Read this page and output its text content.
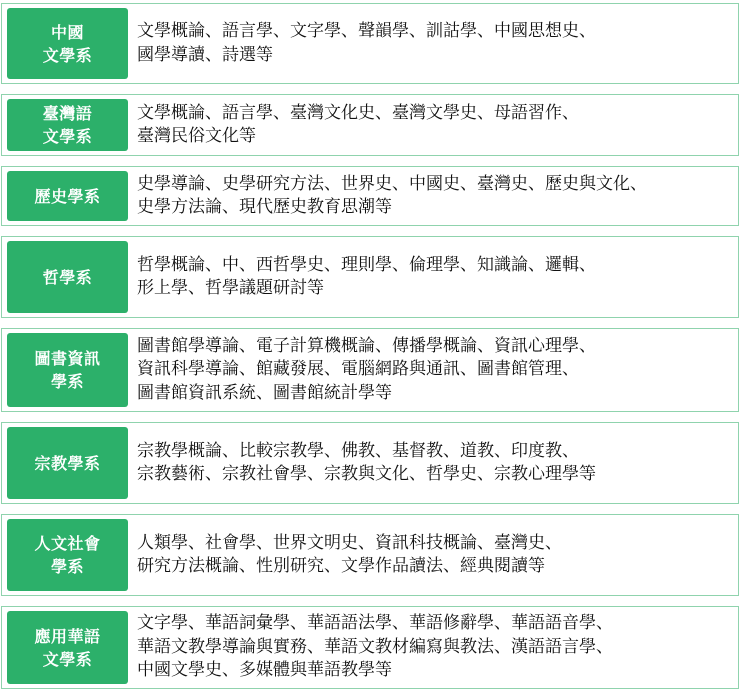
中國
文學系
文學概論、語言學、文字學、聲韻學、訓詁學、中國思想史、
國學導讀、詩選等
臺灣語
文學系
文學概論、語言學、臺灣文化史、臺灣文學史、母語習作、
臺灣民俗文化等
歷史學系
史學導論、史學研究方法、世界史、中國史、臺灣史、歷史與文化、
史學方法論、現代歷史教育思潮等
哲學系
哲學概論、中、西哲學史、理則學、倫理學、知識論、邏輯、
形上學、哲學議題研討等
圖書資訊
學系
圖書館學導論、電子計算機概論、傳播學概論、資訊心理學、
資訊科學導論、館藏發展、電腦網路與通訊、圖書館管理、
圖書館資訊系統、圖書館統計學等
宗教學系
宗教學概論、比較宗教學、佛教、基督教、道教、印度教、
宗教藝術、宗教社會學、宗教與文化、哲學史、宗教心理學等
人文社會
學系
人類學、社會學、世界文明史、資訊科技概論、臺灣史、
研究方法概論、性別研究、文學作品讀法、經典閱讀等
應用華語
文學系
文字學、華語詞彙學、華語語法學、華語修辭學、華語語音學、
華語文教學導論與實務、華語文教材編寫與教法、漢語語言學、
中國文學史、多媒體與華語教學等
